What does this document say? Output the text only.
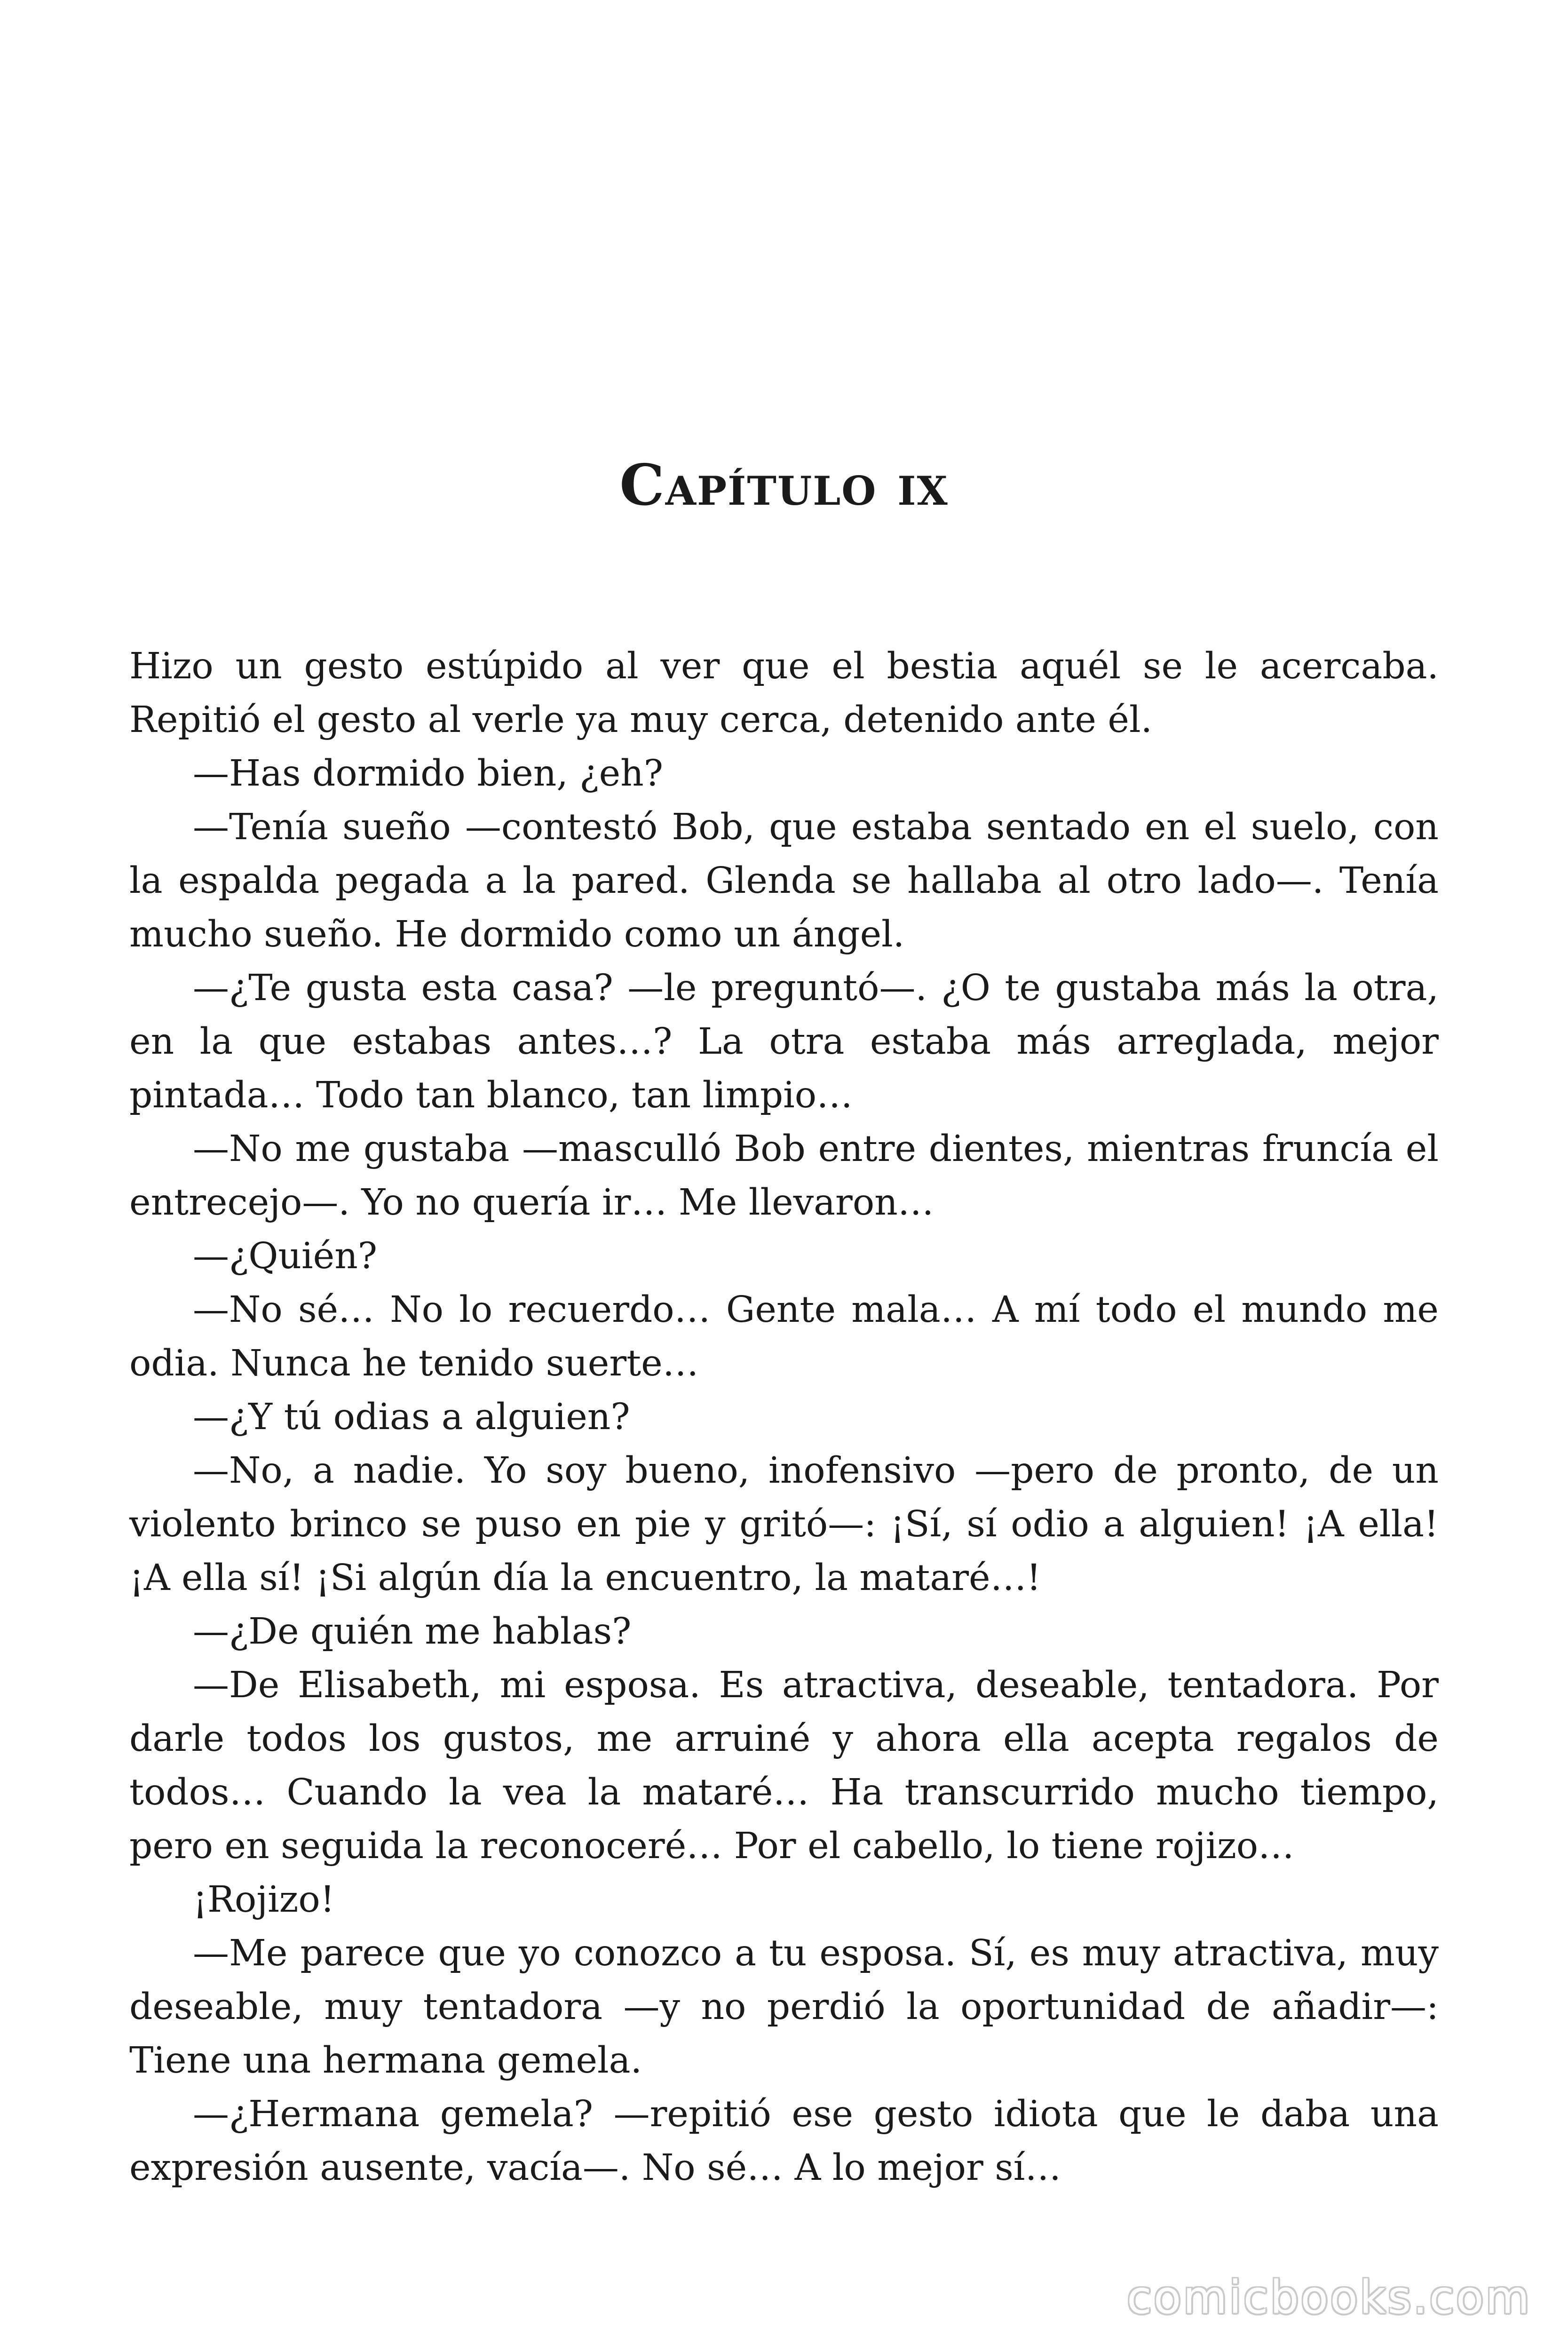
Capítulo ix

Hizo un gesto estúpido al ver que el bestia aquél se le acercaba. Repitió el gesto al verle ya muy cerca, detenido ante él.

—Has dormido bien, ¿eh?

—Tenía sueño —contestó Bob, que estaba sentado en el suelo, con la espalda pegada a la pared. Glenda se hallaba al otro lado—. Tenía mucho sueño. He dormido como un ángel.

—¿Te gusta esta casa? —le preguntó—. ¿O te gustaba más la otra, en la que estabas antes…? La otra estaba más arreglada, mejor pintada… Todo tan blanco, tan limpio…

—No me gustaba —mascullό Bob entre dientes, mientras fruncía el entrecejo—. Yo no quería ir… Me llevaron…

—¿Quién?

—No sé… No lo recuerdo… Gente mala… A mí todo el mundo me odia. Nunca he tenido suerte…

—¿Y tú odias a alguien?

—No, a nadie. Yo soy bueno, inofensivo —pero de pronto, de un violento brinco se puso en pie y gritó—: ¡Sí, sí odio a alguien! ¡A ella! ¡A ella sí! ¡Si algún día la encuentro, la mataré…!

—¿De quién me hablas?

—De Elisabeth, mi esposa. Es atractiva, deseable, tentadora. Por darle todos los gustos, me arruiné y ahora ella acepta regalos de todos… Cuando la vea la mataré… Ha transcurrido mucho tiempo, pero en seguida la reconoceré… Por el cabello, lo tiene rojizo…

¡Rojizo!

—Me parece que yo conozco a tu esposa. Sí, es muy atractiva, muy deseable, muy tentadora —y no perdió la oportunidad de añadir—: Tiene una hermana gemela.

—¿Hermana gemela? —repitió ese gesto idiota que le daba una expresión ausente, vacía—. No sé… A lo mejor sí…

comicbooks.com
